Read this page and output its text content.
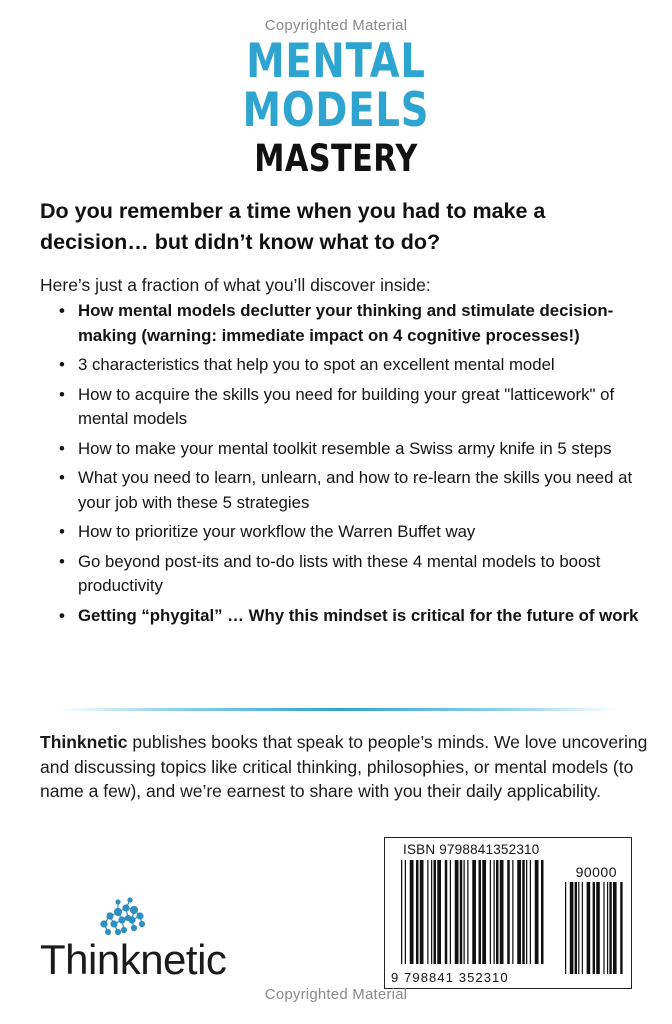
Copyrighted Material
MENTAL
MODELS
MASTERY
Do you remember a time when you had to make a decision… but didn’t know what to do?
Here’s just a fraction of what you’ll discover inside:
• How mental models declutter your thinking and stimulate decision-making (warning: immediate impact on 4 cognitive processes!)
• 3 characteristics that help you to spot an excellent mental model
• How to acquire the skills you need for building your great "latticework" of mental models
• How to make your mental toolkit resemble a Swiss army knife in 5 steps
• What you need to learn, unlearn, and how to re-learn the skills you need at your job with these 5 strategies
• How to prioritize your workflow the Warren Buffet way
• Go beyond post-its and to-do lists with these 4 mental models to boost productivity
• Getting “phygital” … Why this mindset is critical for the future of work
Thinknetic publishes books that speak to people’s minds. We love uncovering and discussing topics like critical thinking, philosophies, or mental models (to name a few), and we’re earnest to share with you their daily applicability.
Thinknetic
ISBN 9798841352310
90000
9 798841 352310
Copyrighted Material
